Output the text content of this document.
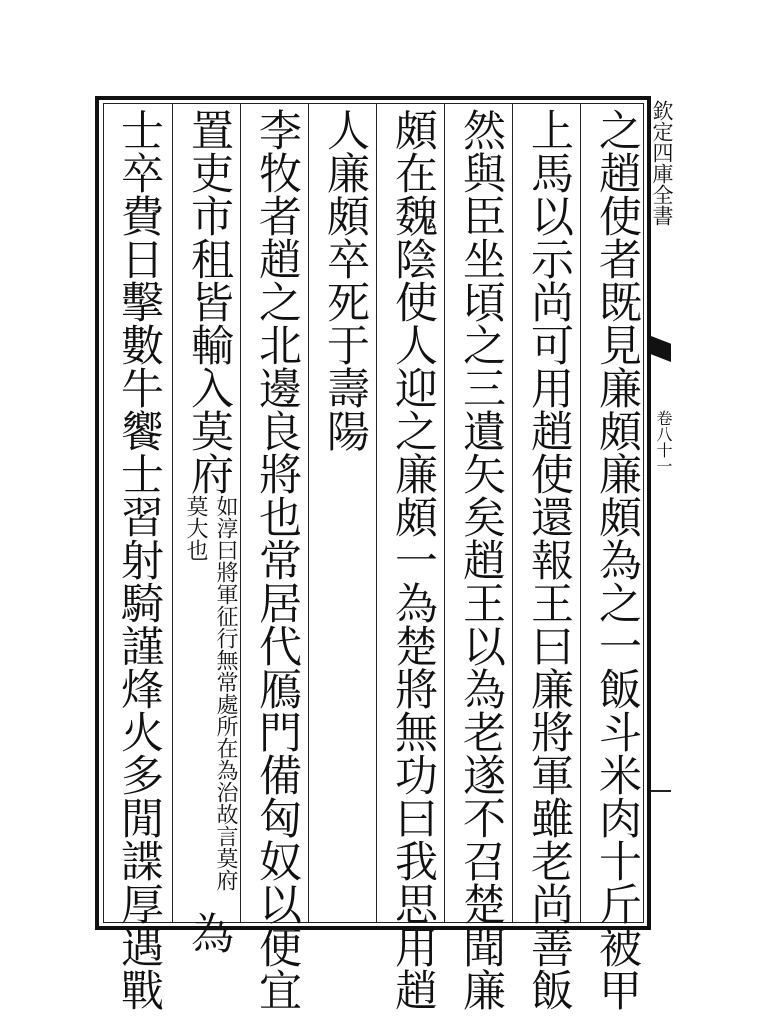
之趙使者既見廉頗廉頗為之一飯斗米肉十斤被甲
上馬以示尚可用趙使還報王曰廉將軍雖老尚善飯
然與臣坐頃之三遺矢矣趙王以為老遂不召楚聞廉
頗在魏陰使人迎之廉頗一為楚將無功曰我思用趙
人廉頗卒死于壽陽
李牧者趙之北邊良將也常居代鴈門備匈奴以便宜
置吏市租皆輸入莫府如淳曰將軍征行無常處所在為治故言莫府莫大也為
士卒費日擊數牛饗士習射騎謹烽火多閒諜厚遇戰	欽定四庫全書
卷八十一
